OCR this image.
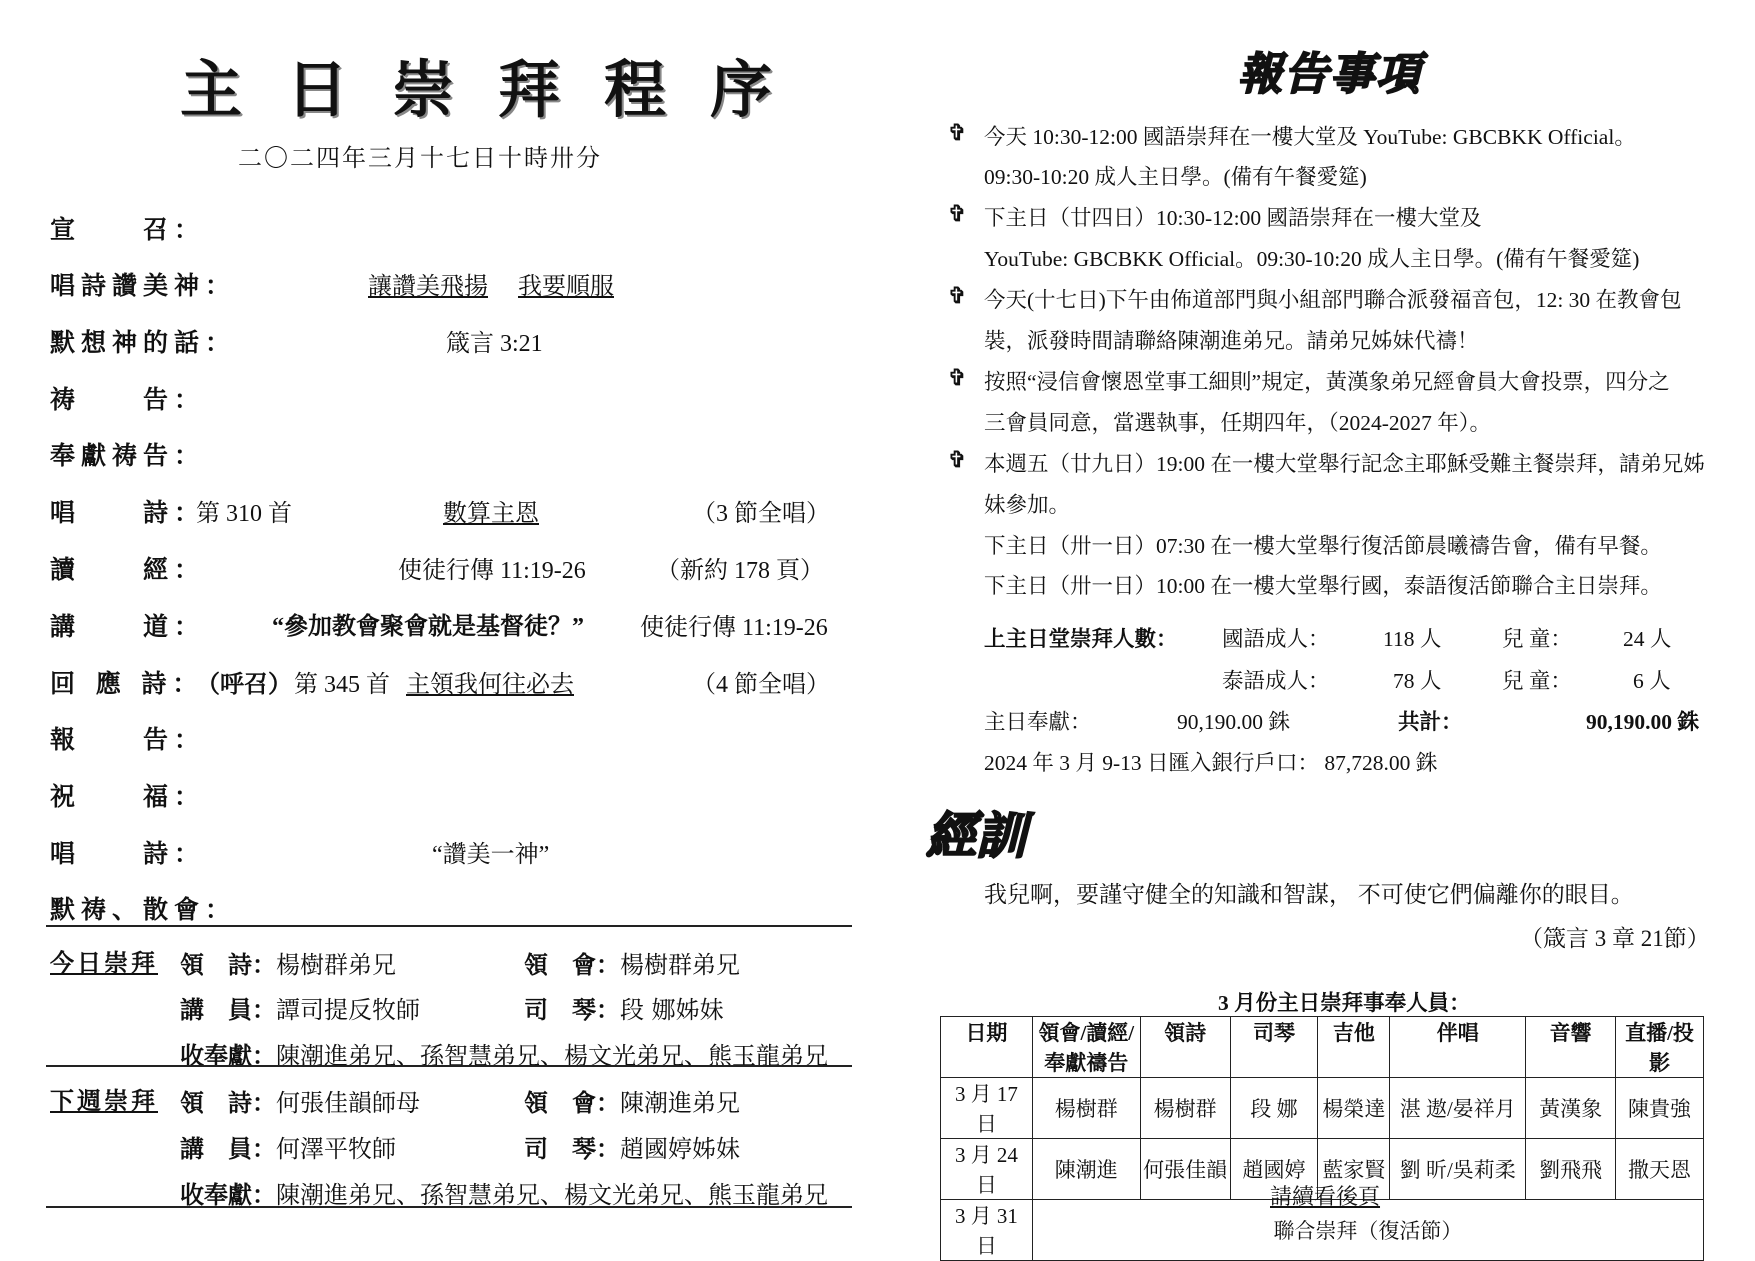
主日崇拜程序
二〇二四年三月十七日十時卅分
宣　　召：
唱詩讚美神：	讓讚美飛揚 我要順服
默想神的話：	箴言 3:21
祷　　告：
奉獻祷告：
唱　　詩：
第 310 首	數算主恩	（3 節全唱）
讀　　經：	使徒行傳 11:19-26	（新約 178 頁）
講　　道：	“參加教會聚會就是基督徒？” 使徒行傳 11:19-26
回 應 詩：
（呼召） 第 345 首 主領我何往必去	（4 節全唱）
報　　告：
祝　　福：
唱　　詩：	“讚美一神”
默祷、散會：
今日崇拜 領　詩：楊樹群弟兄	領　會：楊樹群弟兄
講　員：譚司提反牧師	司　琴：段 娜姊妹
收奉獻：陳潮進弟兄、孫智慧弟兄、楊文光弟兄、熊玉龍弟兄
下週崇拜 領　詩：何張佳韻師母	領　會：陳潮進弟兄
講　員：何澤平牧師	司　琴：趙國婷姊妹
收奉獻：陳潮進弟兄、孫智慧弟兄、楊文光弟兄、熊玉龍弟兄
報告事項
✞
✞
✞
✞
✞
今天 10:30-12:00 國語崇拜在一樓大堂及 YouTube: GBCBKK Official。
09:30-10:20 成人主日學。(備有午餐愛筵)
下主日（廿四日）10:30-12:00 國語崇拜在一樓大堂及
YouTube: GBCBKK Official。09:30-10:20 成人主日學。(備有午餐愛筵)
今天(十七日)下午由佈道部門與小組部門聯合派發福音包，12: 30 在教會包
裝，派發時間請聯絡陳潮進弟兄。請弟兄姊妹代禱！
按照“浸信會懷恩堂事工細則”規定，黃漢象弟兄經會員大會投票，四分之
三會員同意，當選執事，任期四年，（2024-2027 年）。
本週五（廿九日）19:00 在一樓大堂舉行記念主耶穌受難主餐崇拜，請弟兄姊
妹參加。
下主日（卅一日）07:30 在一樓大堂舉行復活節晨曦禱告會，備有早餐。
下主日（卅一日）10:00 在一樓大堂舉行國，泰語復活節聯合主日崇拜。
上主日堂崇拜人數： 國語成人： 118 人	兒 童： 24 人
泰語成人：	78 人	兒 童：	6 人
主日奉獻：	90,190.00 銖	共計：	90,190.00 銖
2024 年 3 月 9-13 日匯入銀行戶口： 87,728.00 銖
經訓
我兒啊，要謹守健全的知識和智謀， 不可使它們偏離你的眼目。
（箴言 3 章 21節）
3 月份主日崇拜事奉人員：
日期	領會/讀經/奉獻禱告	領詩	司琴	吉他	伴唱	音響	直播/投影
3 月 17 日	楊樹群	楊樹群	段 娜	楊榮達	湛 遨/晏祥月	黃漢象	陳貴強
3 月 24 日	陳潮進	何張佳韻	趙國婷	藍家賢	劉 昕/吳莉柔	劉飛飛	撒天恩
3 月 31 日	聯合崇拜（復活節）						
請續看後頁
